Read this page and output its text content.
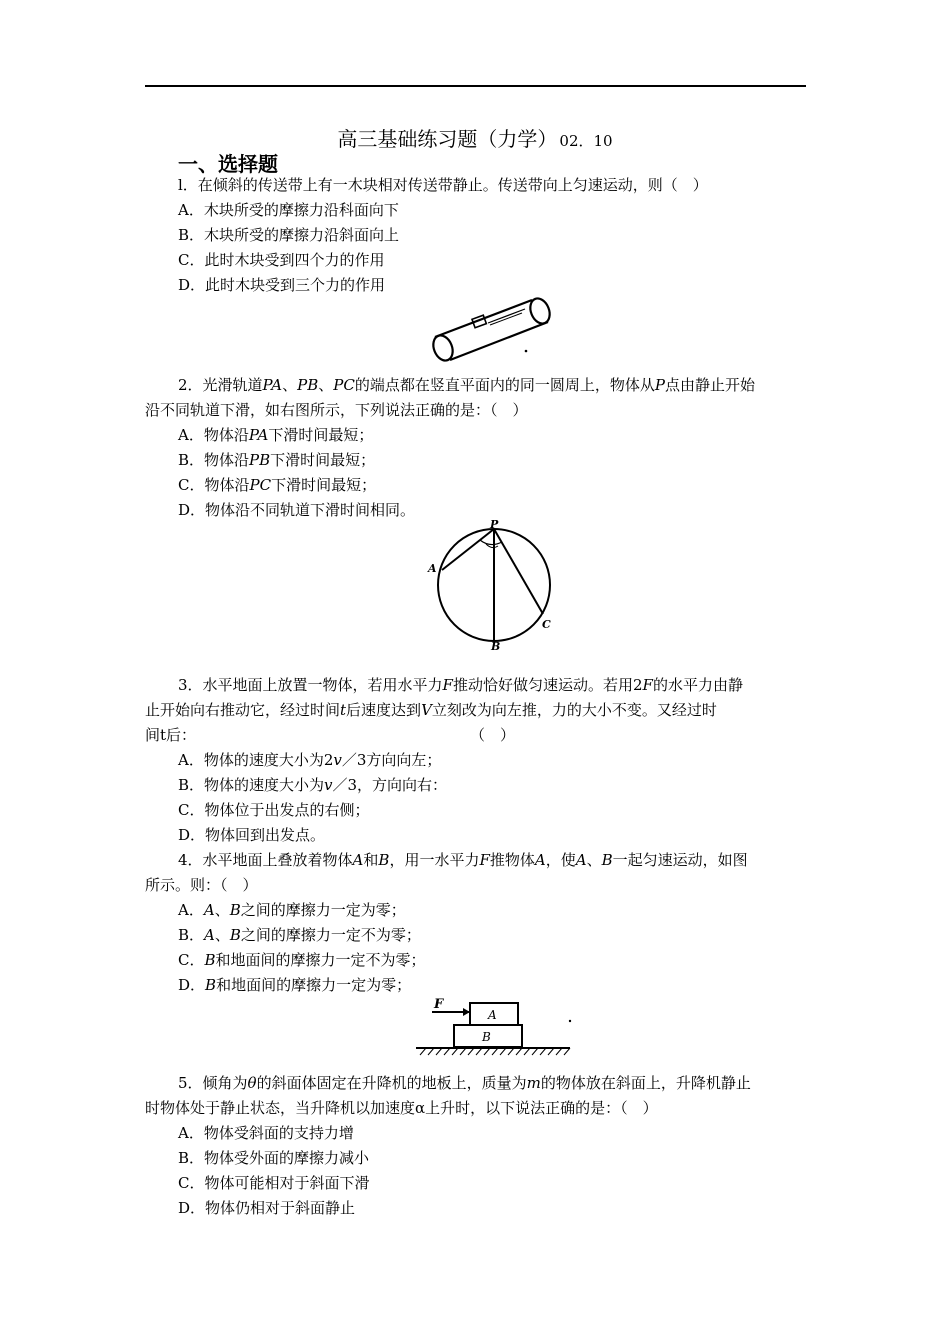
高三基础练习题（力学） 02．10
一、选择题
l．在倾斜的传送带上有一木块相对传送带静止。传送带向上匀速运动，则（　）
A．木块所受的摩擦力沿科面向下
B．木块所受的摩擦力沿斜面向上
C．此时木块受到四个力的作用
D．此时木块受到三个力的作用
2．光滑轨道PA、PB、PC的端点都在竖直平面内的同一圆周上，物体从P点由静止开始
沿不同轨道下滑，如右图所示，下列说法正确的是：（　）
A．物体沿PA下滑时间最短；
B．物体沿PB下滑时间最短；
C．物体沿PC下滑时间最短；
D．物体沿不同轨道下滑时间相同。
P
A
B
C
3．水平地面上放置一物体，若用水平力F推动恰好做匀速运动。若用2F的水平力由静
止开始向右推动它，经过时间t后速度达到V立刻改为向左推，力的大小不变。又经过时
间t后：	（　）
A．物体的速度大小为2v／3方向向左；
B．物体的速度大小为v／3，方向向右：
C．物体位于出发点的右侧；
D．物体回到出发点。
4．水平地面上叠放着物体A和B，用一水平力F推物体A，使A、B一起匀速运动，如图
所示。则：（　）
A．A、B之间的摩擦力一定为零；
B．A、B之间的摩擦力一定不为零；
C．B和地面间的摩擦力一定不为零；
D．B和地面间的摩擦力一定为零；
F
A
B
5．倾角为θ的斜面体固定在升降机的地板上，质量为m的物体放在斜面上，升降机静止
时物体处于静止状态，当升降机以加速度α上升时，以下说法正确的是：（　）
A．物体受斜面的支持力增
B．物体受外面的摩擦力减小
C．物体可能相对于斜面下滑
D．物体仍相对于斜面静止
